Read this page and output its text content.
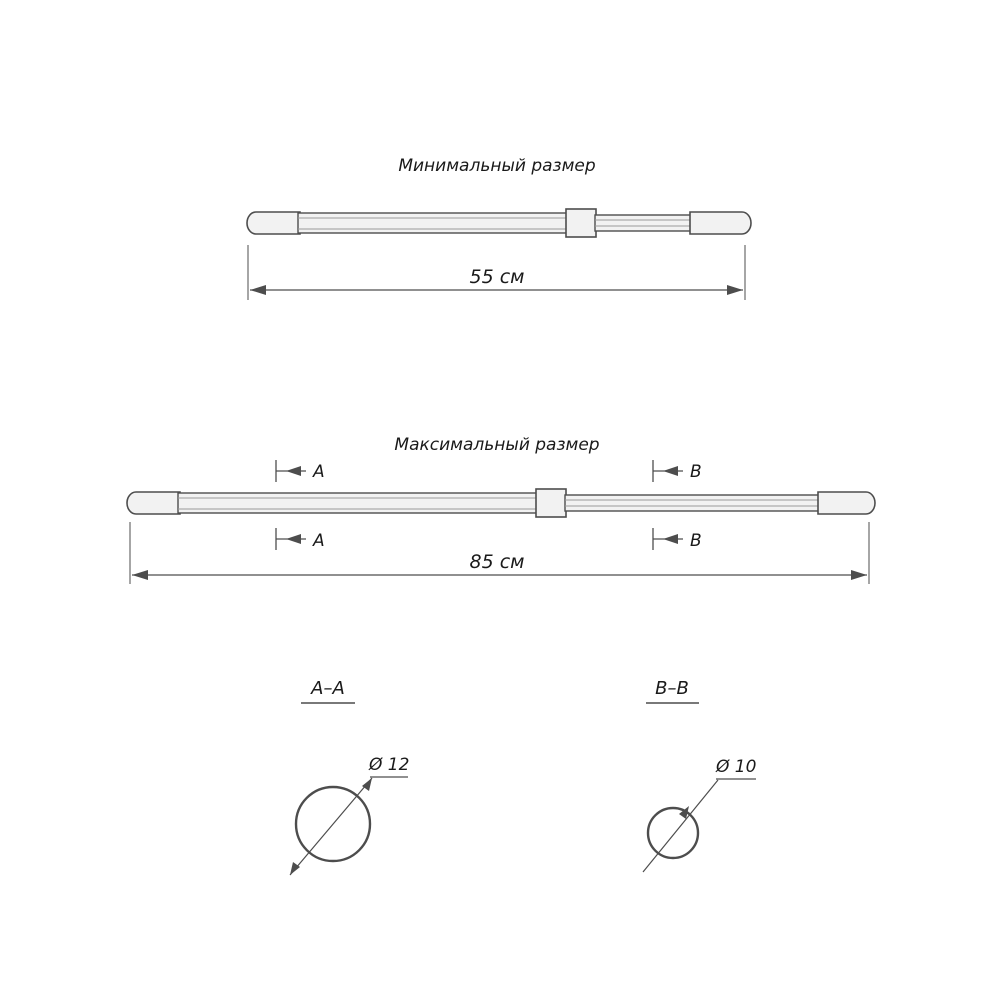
Минимальный размер
55 см
Максимальный размер
A	B
A	B
85 см
А–А
Ø 12
В–В
Ø 10
